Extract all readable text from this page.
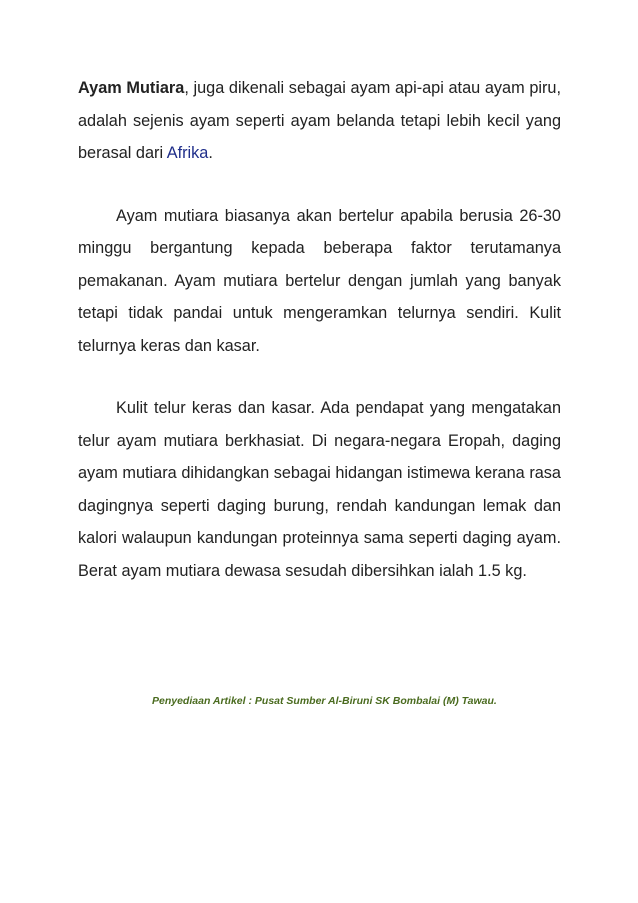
Ayam Mutiara, juga dikenali sebagai ayam api-api atau ayam piru, adalah sejenis ayam seperti ayam belanda tetapi lebih kecil yang berasal dari Afrika.

Ayam mutiara biasanya akan bertelur apabila berusia 26-30 minggu bergantung kepada beberapa faktor terutamanya pemakanan. Ayam mutiara bertelur dengan jumlah yang banyak tetapi tidak pandai untuk mengeramkan telurnya sendiri. Kulit telurnya keras dan kasar.

Kulit telur keras dan kasar. Ada pendapat yang mengatakan telur ayam mutiara berkhasiat. Di negara-negara Eropah, daging ayam mutiara dihidangkan sebagai hidangan istimewa kerana rasa dagingnya seperti daging burung, rendah kandungan lemak dan kalori walaupun kandungan proteinnya sama seperti daging ayam. Berat ayam mutiara dewasa sesudah dibersihkan ialah 1.5 kg.

Penyediaan Artikel : Pusat Sumber Al-Biruni SK Bombalai (M) Tawau.
